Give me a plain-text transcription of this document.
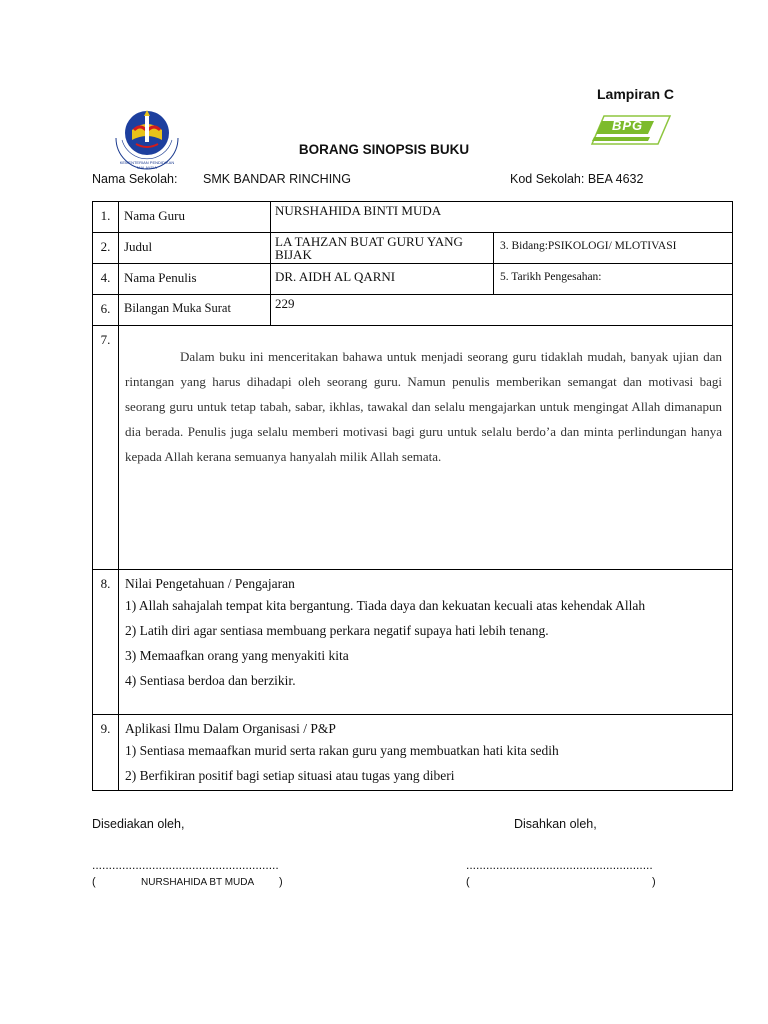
Lampiran C
KEMENTERIAN PENDIDIKAN MALAYSIA
BPG
BORANG SINOPSIS BUKU
Nama Sekolah: SMK BANDAR RINCHING	Kod Sekolah: BEA 4632
1.	Nama Guru	NURSHAHIDA BINTI MUDA	
2.	Judul	LA TAHZAN BUAT GURU YANG BIJAK	3. Bidang:PSIKOLOGI/ MLOTIVASI
4.	Nama Penulis	DR. AIDH AL QARNI	5. Tarikh Pengesahan:
6.	Bilangan Muka Surat	229	
7.	Dalam buku ini menceritakan bahawa untuk menjadi seorang guru tidaklah mudah, banyak ujian dan rintangan yang harus dihadapi oleh seorang guru. Namun penulis memberikan semangat dan motivasi bagi seorang guru untuk tetap tabah, sabar, ikhlas, tawakal dan selalu mengajarkan untuk mengingat Allah dimanapun dia berada. Penulis juga selalu memberi motivasi bagi guru untuk selalu berdo’a dan minta perlindungan hanya kepada Allah kerana semuanya hanyalah milik Allah semata.		

8.	Nilai Pengetahuan / Pengajaran
1) Allah sahajalah tempat kita bergantung. Tiada daya dan kekuatan kecuali atas kehendak Allah
2) Latih diri agar sentiasa membuang perkara negatif supaya hati lebih tenang.
3) Memaafkan orang yang menyakiti kita
4) Sentiasa berdoa dan berzikir.		

9.	Aplikasi Ilmu Dalam Organisasi / P&P
1) Sentiasa memaafkan murid serta rakan guru yang membuatkan hati kita sedih
2) Berfikiran positif bagi setiap situasi atau tugas yang diberi		
Disediakan oleh,	Disahkan oleh,
........................................................	........................................................
(	NURSHAHIDA BT MUDA )	(	)
